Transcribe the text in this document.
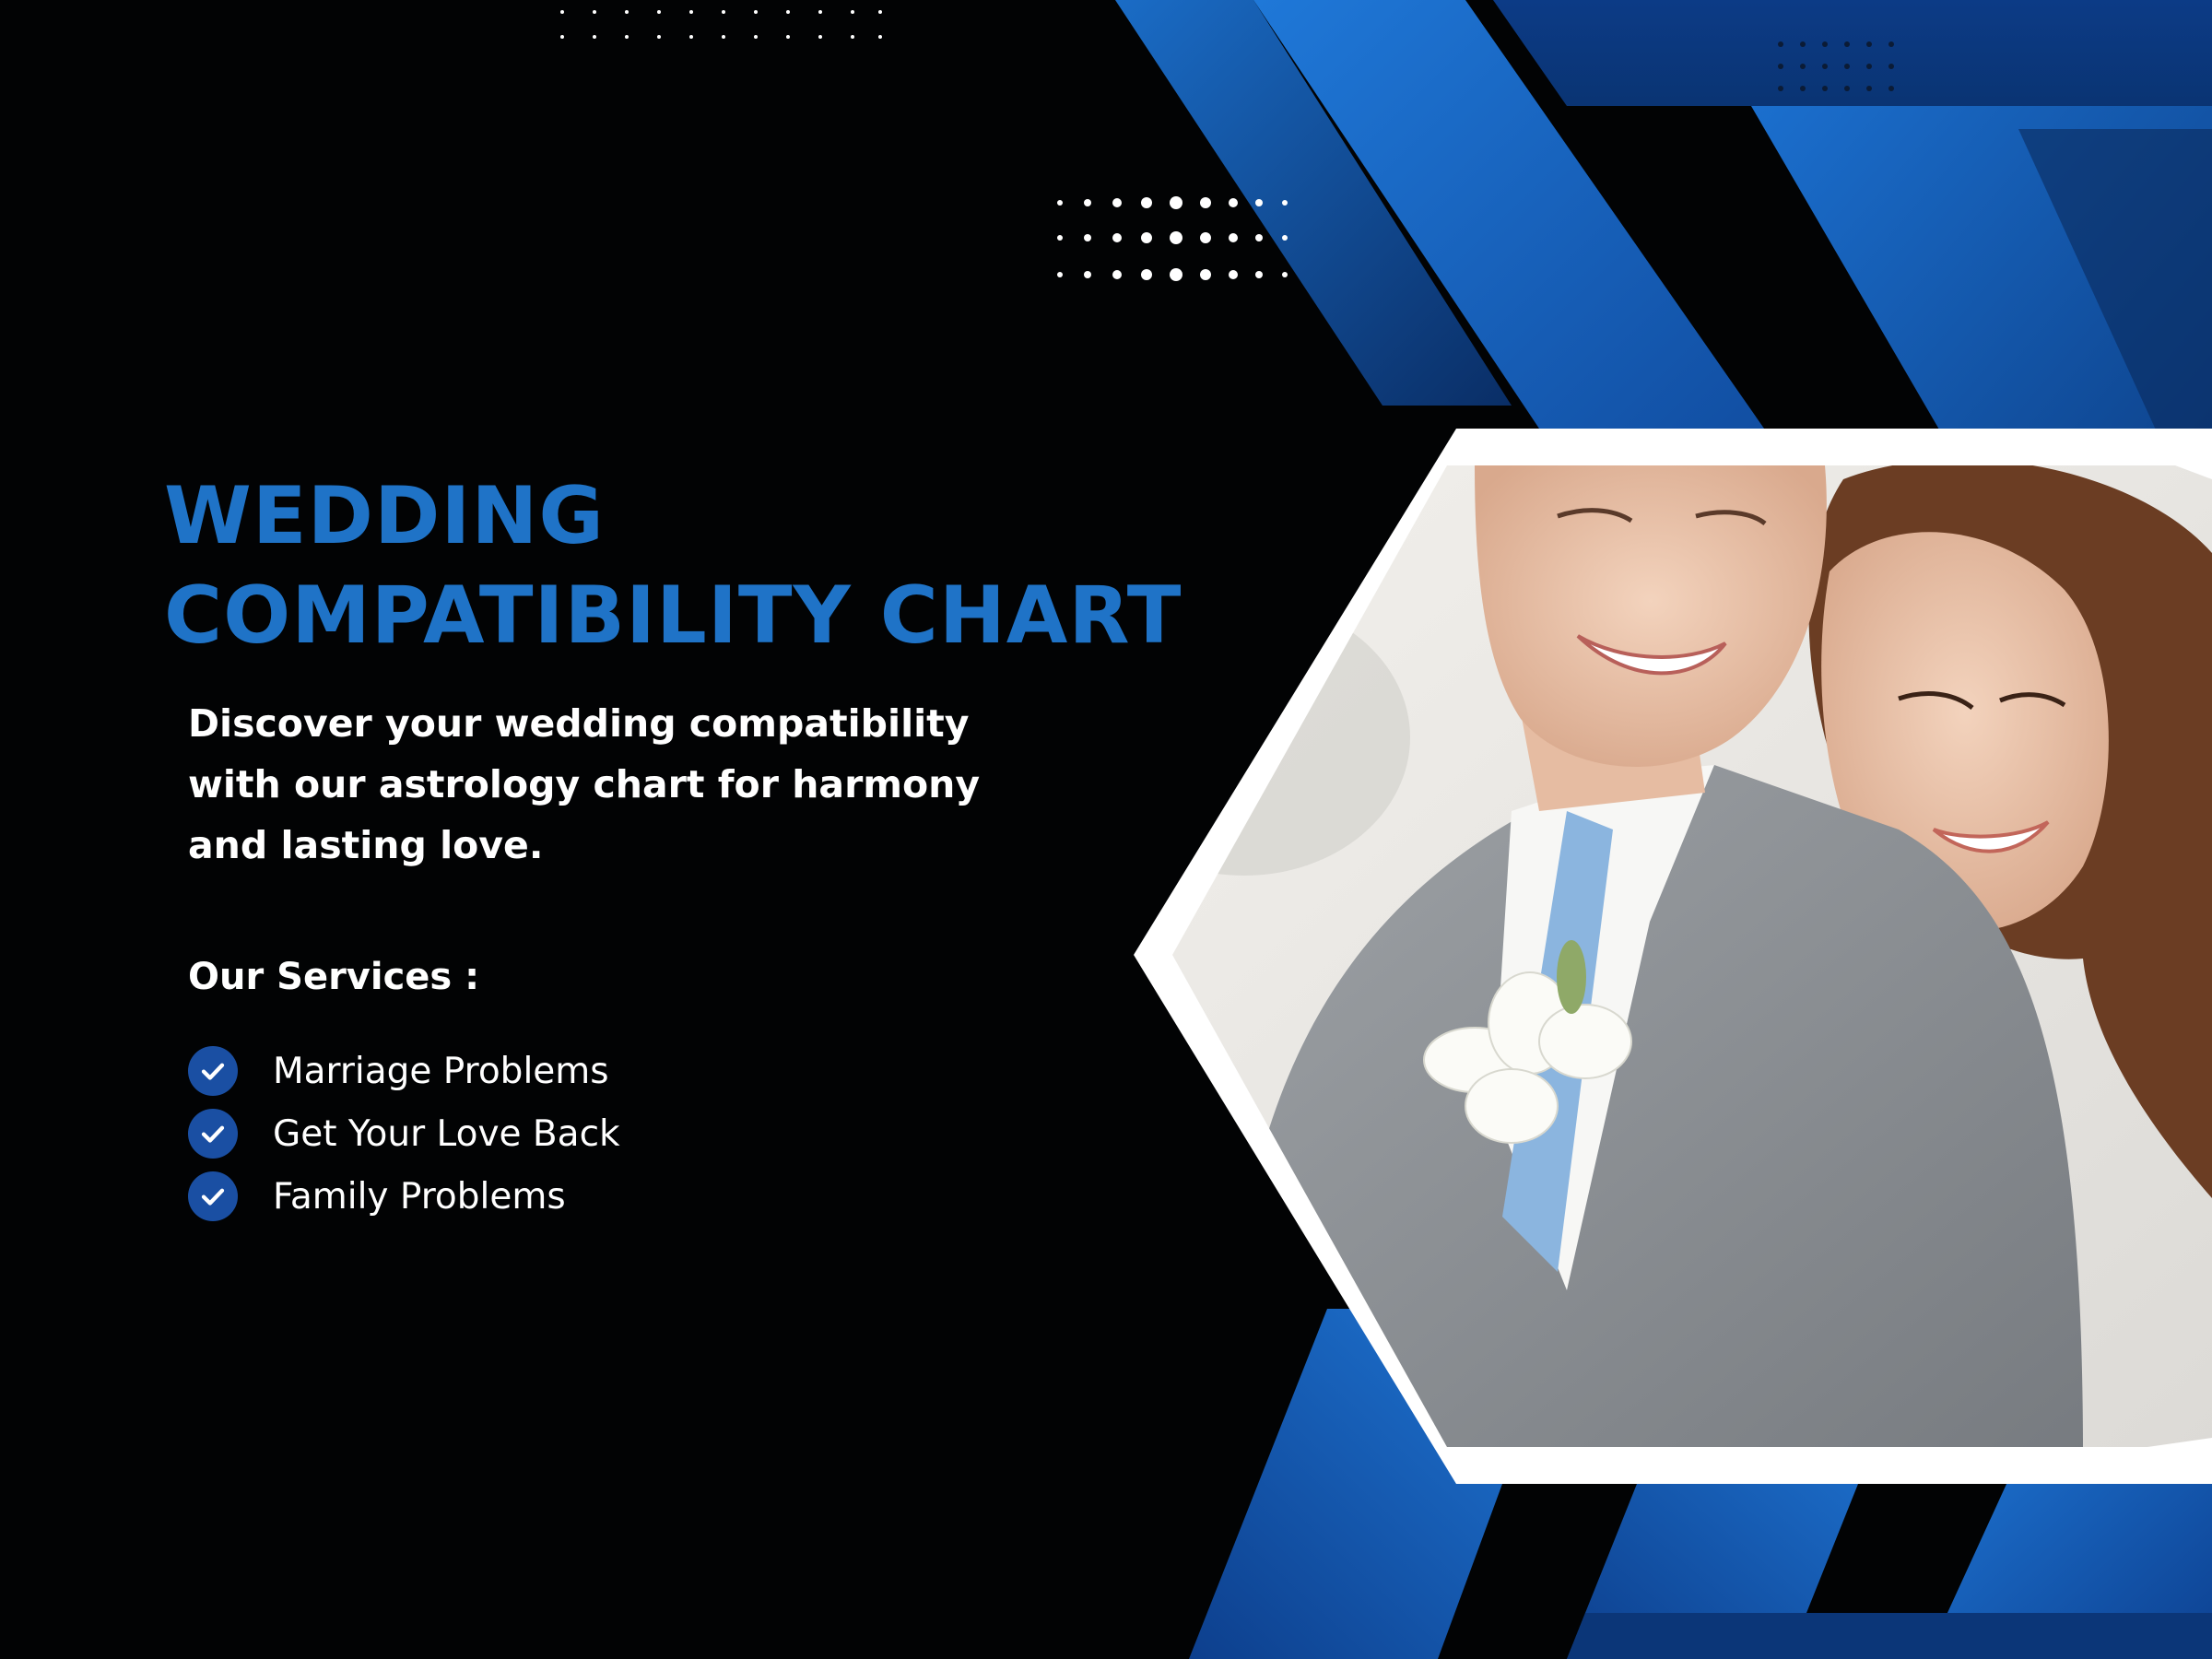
WEDDING
COMPATIBILITY CHART

Discover your wedding compatibility with our astrology chart for harmony and lasting love.

Our Services :
Marriage Problems
Get Your Love Back
Family Problems
